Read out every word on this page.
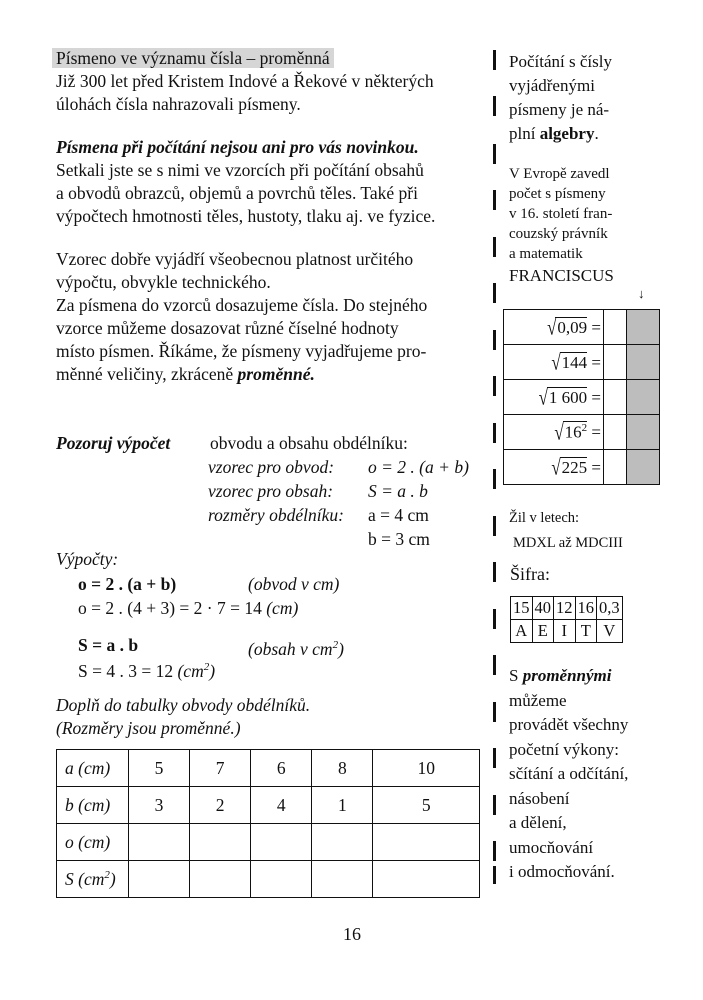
Písmeno ve významu čísla – proměnná
Již 300 let před Kristem Indové a Řekové v některých
úlohách čísla nahrazovali písmeny.
Písmena při počítání nejsou ani pro vás novinkou.
Setkali jste se s nimi ve vzorcích při počítání obsahů
a obvodů obrazců, objemů a povrchů těles. Také při
výpočtech hmotnosti těles, hustoty, tlaku aj. ve fyzice.
Vzorec dobře vyjádří všeobecnou platnost určitého
výpočtu, obvykle technického.
Za písmena do vzorců dosazujeme čísla. Do stejného
vzorce můžeme dosazovat různé číselné hodnoty
místo písmen. Říkáme, že písmeny vyjadřujeme pro-
měnné veličiny, zkráceně proměnné.
Pozoruj výpočet obvodu a obsahu obdélníku:
vzorec pro obvod: o = 2 . (a + b)
vzorec pro obsah: S = a . b
rozměry obdélníku: a = 4 cm
b = 3 cm
Výpočty:
o = 2 . (a + b)	(obvod v cm)
o = 2 . (4 + 3) = 2 · 7 = 14 (cm)
S = a . b	(obsah v $cm^2$)
S = 4 . 3 = 12 $(cm^2)$
Doplň do tabulky obvody obdélníků.
(Rozměry jsou proměnné.)
a (cm)	5	7	6	8	10
b (cm)	3	2	4	1	5
o (cm)					
S $(cm^2)$					
Počítání s čísly
vyjádřenými
písmeny je ná-
plní algebry.
V Evropě zavedl
počet s písmeny
v 16. století fran-
couzský právník
a matematik
FRANCISCUS
↓
√0,09 =		
√144 =		
√1 600 =		
$√16^2$ =		
√225 =		
Žil v letech:
MDXL až MDCIII
Šifra:
15	40	12	16	0,3
A	E	I	T	V
S proměnnými
můžeme
provádět všechny
početní výkony:
sčítání a odčítání,
násobení
a dělení,
umocňování
i odmocňování.
16
